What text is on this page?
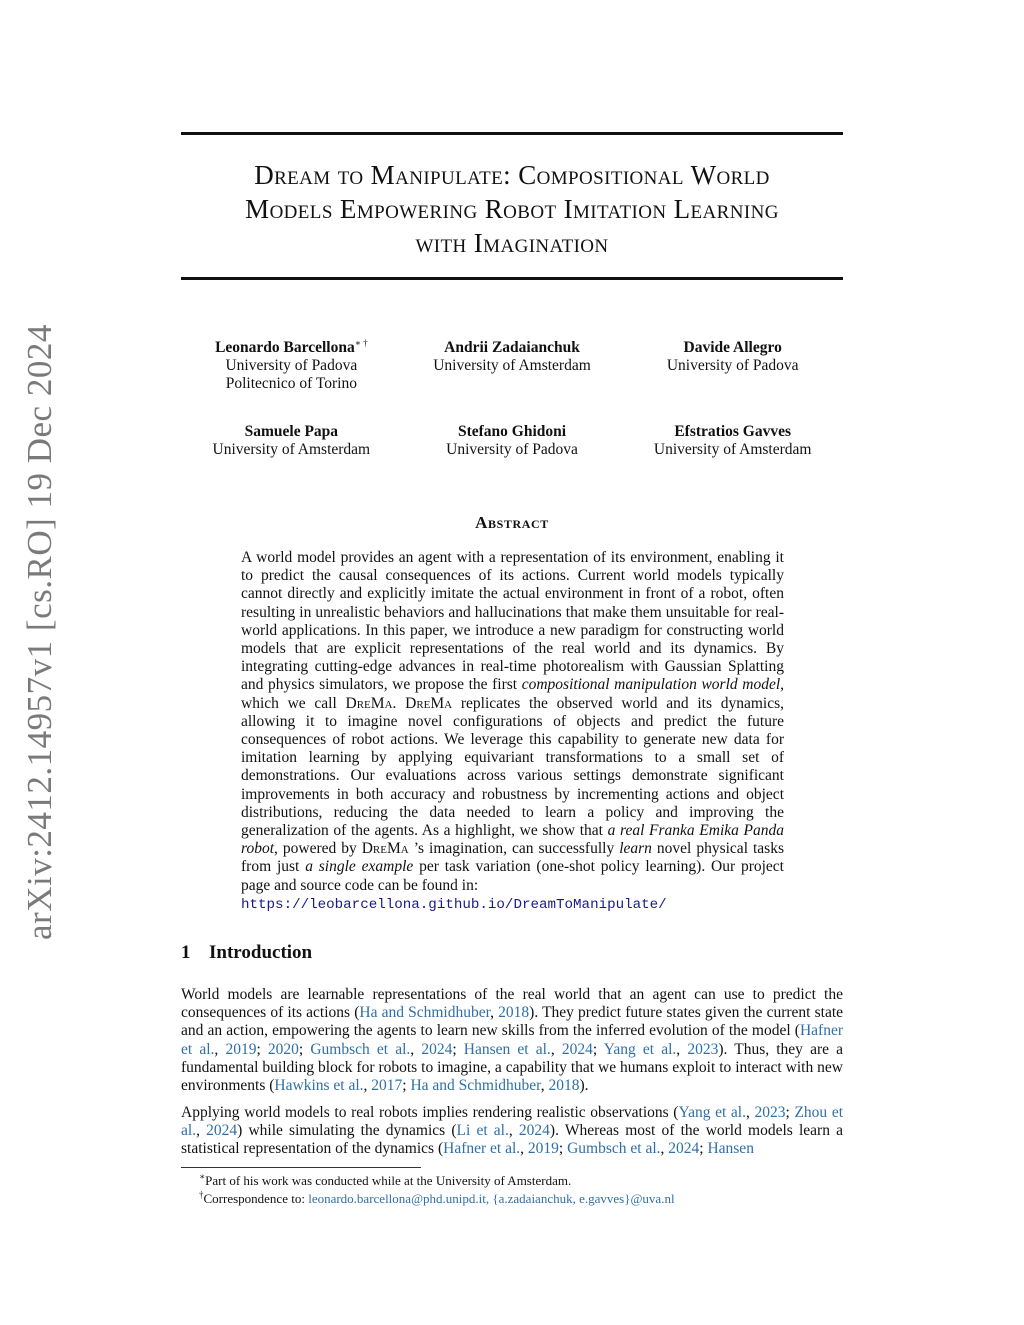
arXiv:2412.14957v1 [cs.RO] 19 Dec 2024
Dream to Manipulate: Compositional World
Models Empowering Robot Imitation Learning
with Imagination
Leonardo Barcellona∗ †
University of Padova
Politecnico of Torino
Andrii Zadaianchuk
University of Amsterdam
Davide Allegro
University of Padova
Samuele Papa
University of Amsterdam
Stefano Ghidoni
University of Padova
Efstratios Gavves
University of Amsterdam
Abstract
A world model provides an agent with a representation of its environment, enabling it to predict the causal consequences of its actions. Current world models typically cannot directly and explicitly imitate the actual environment in front of a robot, often resulting in unrealistic behaviors and hallucinations that make them unsuitable for real-world applications. In this paper, we introduce a new paradigm for constructing world models that are explicit representations of the real world and its dynamics. By integrating cutting-edge advances in real-time photorealism with Gaussian Splatting and physics simulators, we propose the first compositional manipulation world model, which we call DreMa. DreMa replicates the observed world and its dynamics, allowing it to imagine novel configurations of objects and predict the future consequences of robot actions. We leverage this capability to generate new data for imitation learning by applying equivariant transformations to a small set of demonstrations. Our evaluations across various settings demonstrate significant improvements in both accuracy and robustness by incrementing actions and object distributions, reducing the data needed to learn a policy and improving the generalization of the agents. As a highlight, we show that a real Franka Emika Panda robot, powered by DreMa ’s imagination, can successfully learn novel physical tasks from just a single example per task variation (one-shot policy learning). Our project page and source code can be found in:
https://leobarcellona.github.io/DreamToManipulate/
1 Introduction
World models are learnable representations of the real world that an agent can use to predict the consequences of its actions (Ha and Schmidhuber, 2018). They predict future states given the current state and an action, empowering the agents to learn new skills from the inferred evolution of the model (Hafner et al., 2019; 2020; Gumbsch et al., 2024; Hansen et al., 2024; Yang et al., 2023). Thus, they are a fundamental building block for robots to imagine, a capability that we humans exploit to interact with new environments (Hawkins et al., 2017; Ha and Schmidhuber, 2018).
Applying world models to real robots implies rendering realistic observations (Yang et al., 2023; Zhou et al., 2024) while simulating the dynamics (Li et al., 2024). Whereas most of the world models learn a statistical representation of the dynamics (Hafner et al., 2019; Gumbsch et al., 2024; Hansen
∗Part of his work was conducted while at the University of Amsterdam.
†Correspondence to: leonardo.barcellona@phd.unipd.it, {a.zadaianchuk, e.gavves}@uva.nl
